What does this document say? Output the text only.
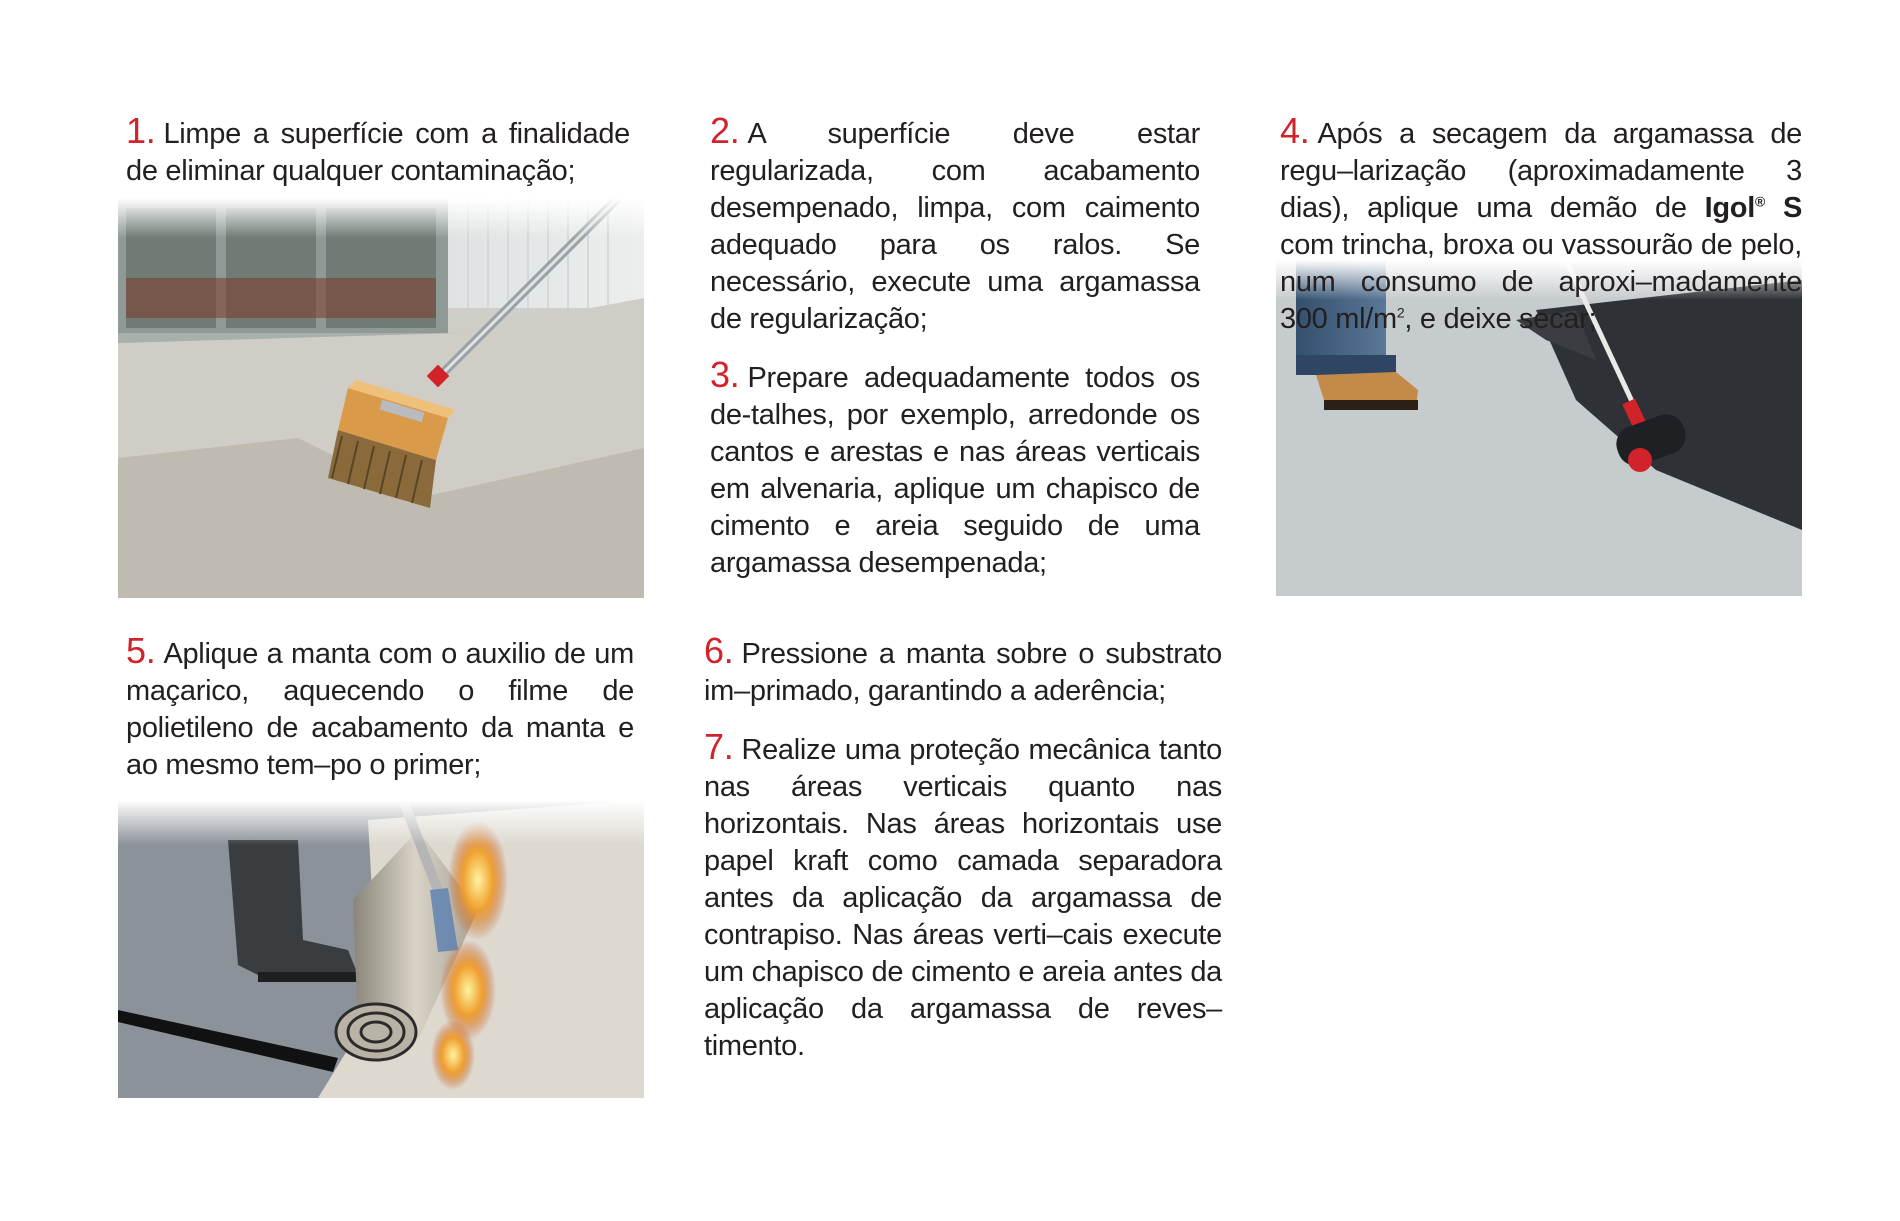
1. Limpe a superfície com a finalidade de eliminar qualquer contaminação;
2. A superfície deve estar regularizada, com acabamento desempenado, limpa, com caimento adequado para os ralos. Se necessário, execute uma argamassa de regularização;
3. Prepare adequadamente todos os de-talhes, por exemplo, arredonde os cantos e arestas e nas áreas verticais em alvenaria, aplique um chapisco de cimento e areia seguido de uma argamassa desempenada;
4. Após a secagem da argamassa de regu–larização (aproximadamente 3 dias), aplique uma demão de Igol® S com trincha, broxa ou vassourão de pelo, num consumo de aproxi–madamente 300 $ml/m^2$, e deixe secar;
5. Aplique a manta com o auxilio de um maçarico, aquecendo o filme de polietileno de acabamento da manta e ao mesmo tem–po o primer;
6. Pressione a manta sobre o substrato im–primado, garantindo a aderência;
7. Realize uma proteção mecânica tanto nas áreas verticais quanto nas horizontais. Nas áreas horizontais use papel kraft como camada separadora antes da aplicação da argamassa de contrapiso. Nas áreas verti–cais execute um chapisco de cimento e areia antes da aplicação da argamassa de reves–timento.
